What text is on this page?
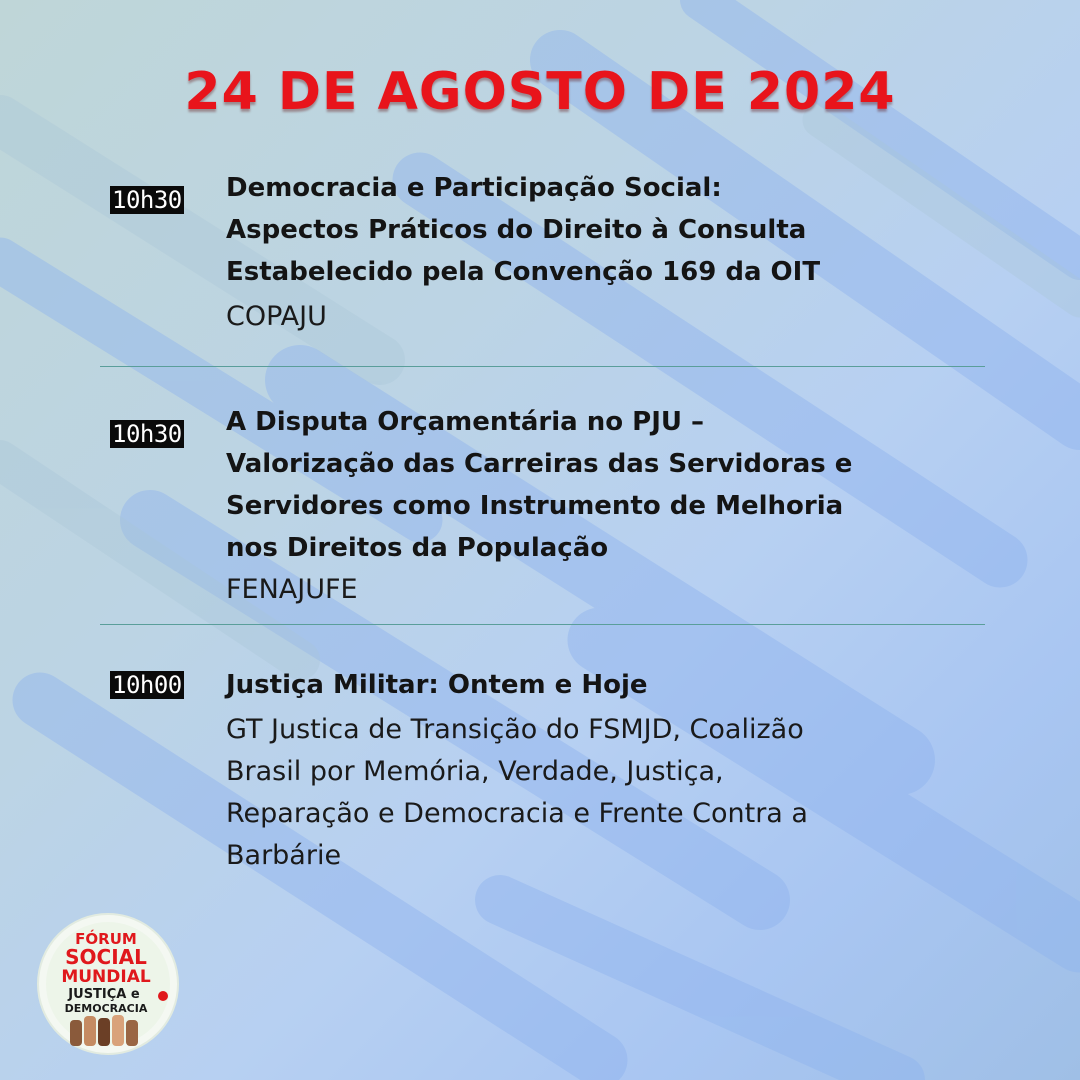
24 DE AGOSTO DE 2024
10h30 Democracia e Participação Social:
Aspectos Práticos do Direito à Consulta
Estabelecido pela Convenção 169 da OIT

COPAJU

10h30 A Disputa Orçamentária no PJU –
Valorização das Carreiras das Servidoras e
Servidores como Instrumento de Melhoria
nos Direitos da População

FENAJUFE

10h00 Justiça Militar: Ontem e Hoje

GT Justica de Transição do FSMJD, Coalizão
Brasil por Memória, Verdade, Justiça,
Reparação e Democracia e Frente Contra a
Barbárie

FÓRUM
SOCIAL
MUNDIAL
JUSTIÇA e
DEMOCRACIA
